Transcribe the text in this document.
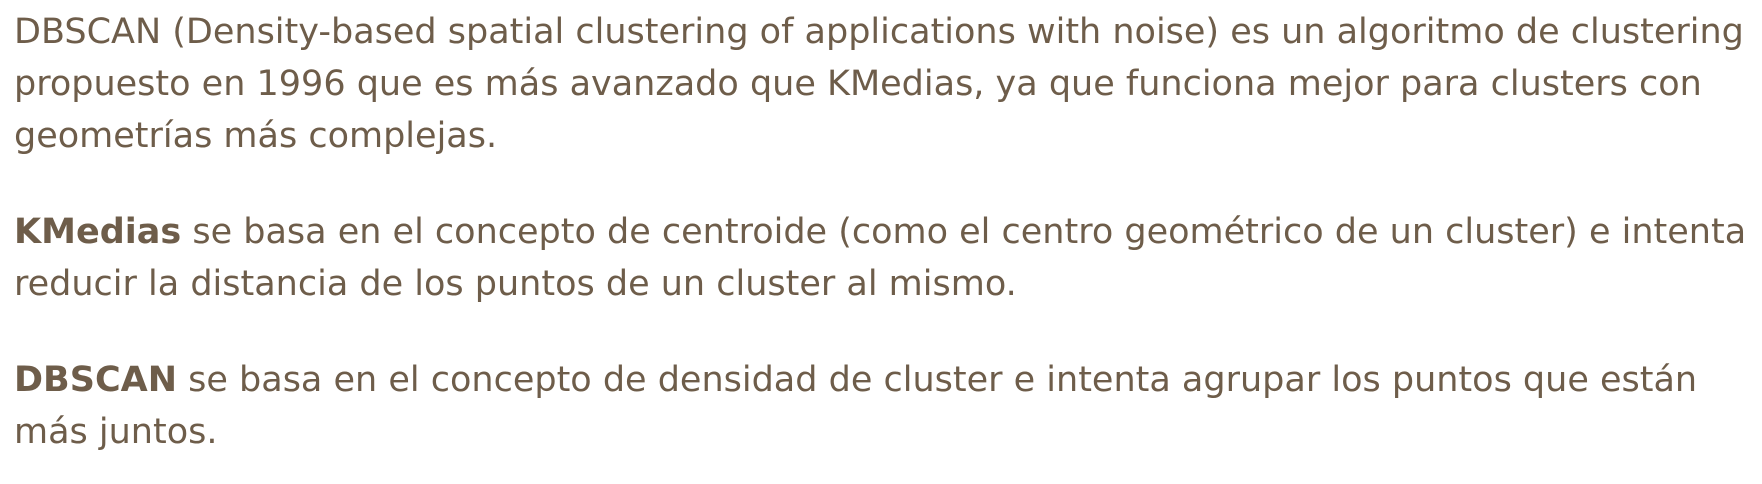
DBSCAN (Density-based spatial clustering of applications with noise) es un algoritmo de clustering propuesto en 1996 que es más avanzado que KMedias, ya que funciona mejor para clusters con geometrías más complejas.

KMedias se basa en el concepto de centroide (como el centro geométrico de un cluster) e intenta reducir la distancia de los puntos de un cluster al mismo.

DBSCAN se basa en el concepto de densidad de cluster e intenta agrupar los puntos que están más juntos.
